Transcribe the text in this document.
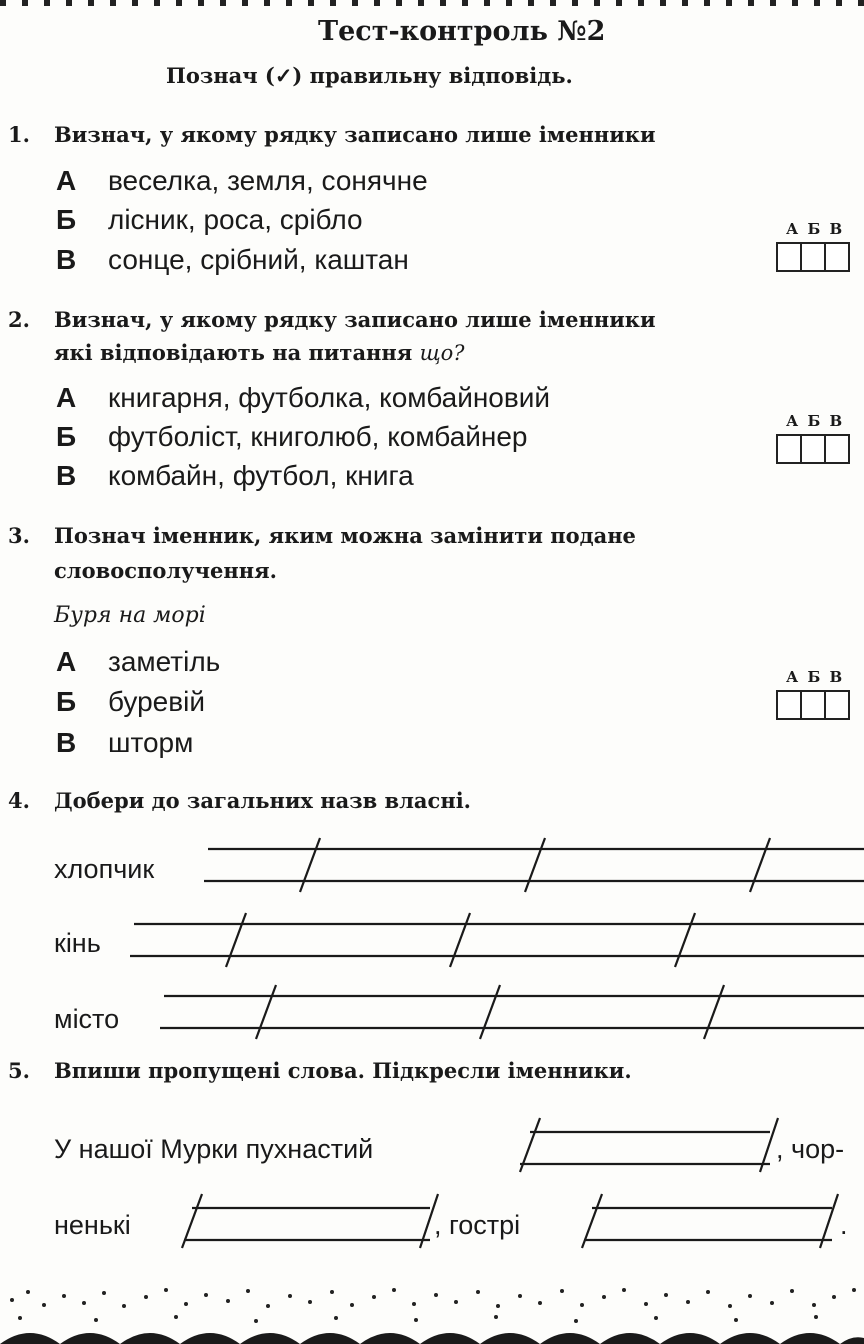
Тест-контроль №2
Познач (✓) правильну відповідь.
1. Визнач, у якому рядку записано лише іменники
А веселка, земля, сонячне
Б лісник, роса, срібло
В сонце, срібний, каштан
А Б В
2. Визнач, у якому рядку записано лише іменники
які відповідають на питання що?
А книгарня, футболка, комбайновий
Б футболіст, книголюб, комбайнер
В комбайн, футбол, книга
А Б В
3. Познач іменник, яким можна замінити подане
словосполучення.
Буря на морі
А заметіль
Б буревій
В шторм
А Б В
4. Добери до загальних назв власні.
хлопчик
кінь
місто
5. Впиши пропущені слова. Підкресли іменники.
У нашої Мурки пухнастий	, чор-
ненькі	, гострі	.
